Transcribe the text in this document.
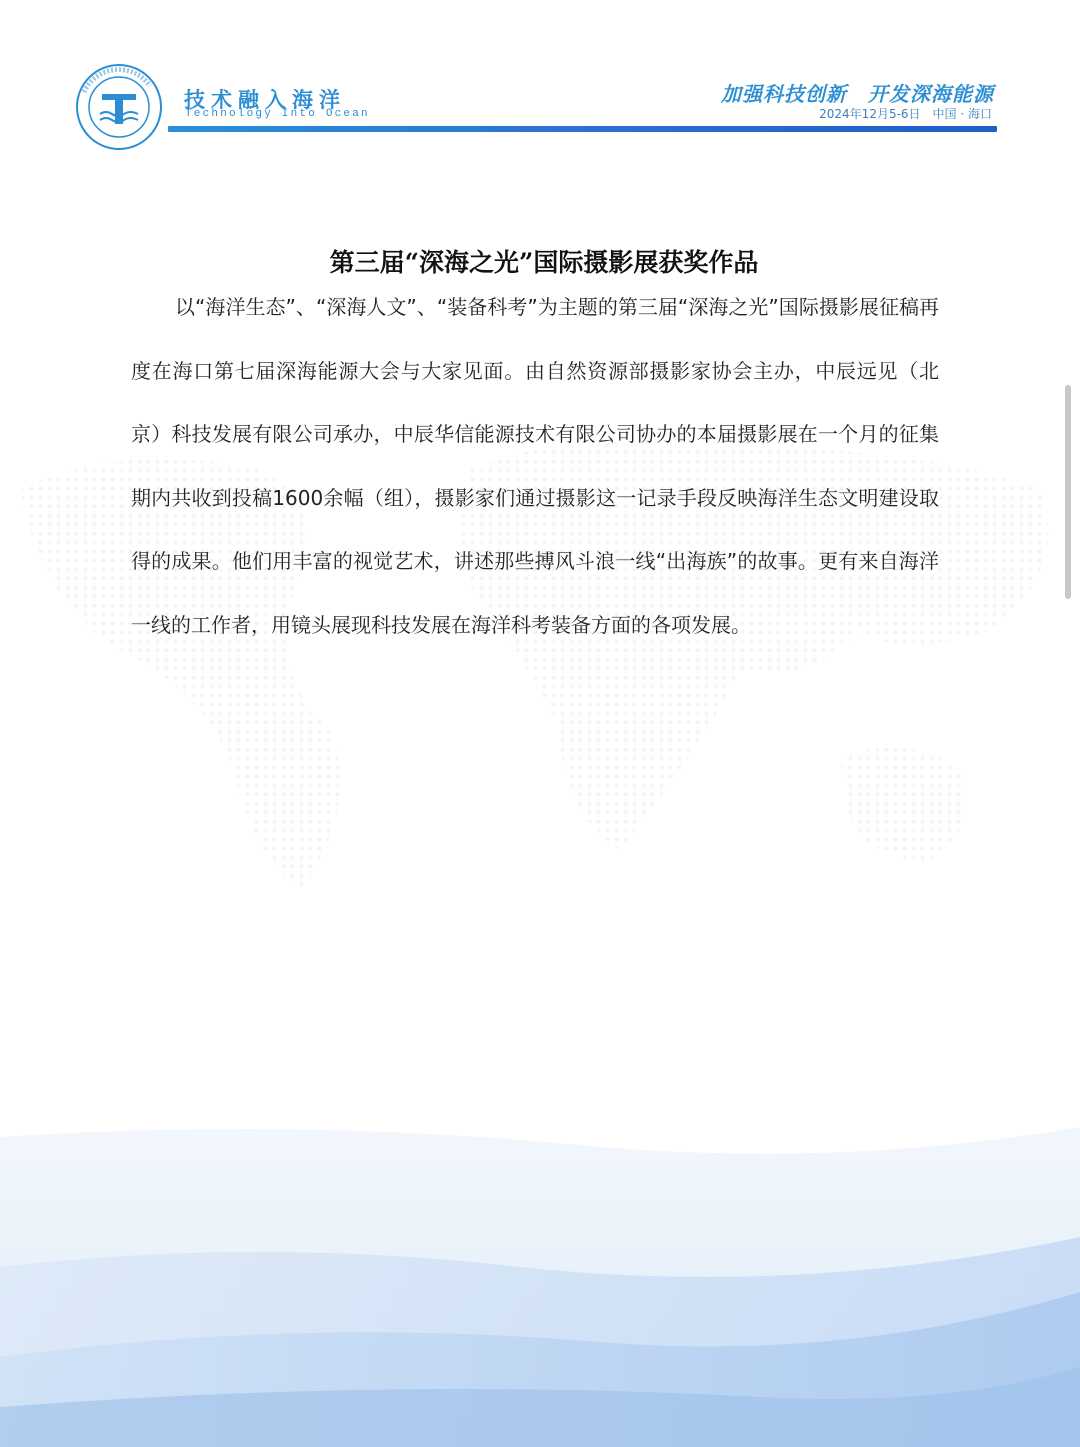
技术融入海洋
Technology Into Ocean
加强科技创新　开发深海能源
2024年12月5-6日　中国 · 海口
第三届“深海之光”国际摄影展获奖作品

以“海洋生态”、“深海人文”、“装备科考”为主题的第三届“深海之光”国际摄影展征稿再度在海口第七届深海能源大会与大家见面。由自然资源部摄影家协会主办，中辰远见（北京）科技发展有限公司承办，中辰华信能源技术有限公司协办的本届摄影展在一个月的征集期内共收到投稿1600余幅（组），摄影家们通过摄影这一记录手段反映海洋生态文明建设取得的成果。他们用丰富的视觉艺术，讲述那些搏风斗浪一线“出海族”的故事。更有来自海洋一线的工作者，用镜头展现科技发展在海洋科考装备方面的各项发展。
